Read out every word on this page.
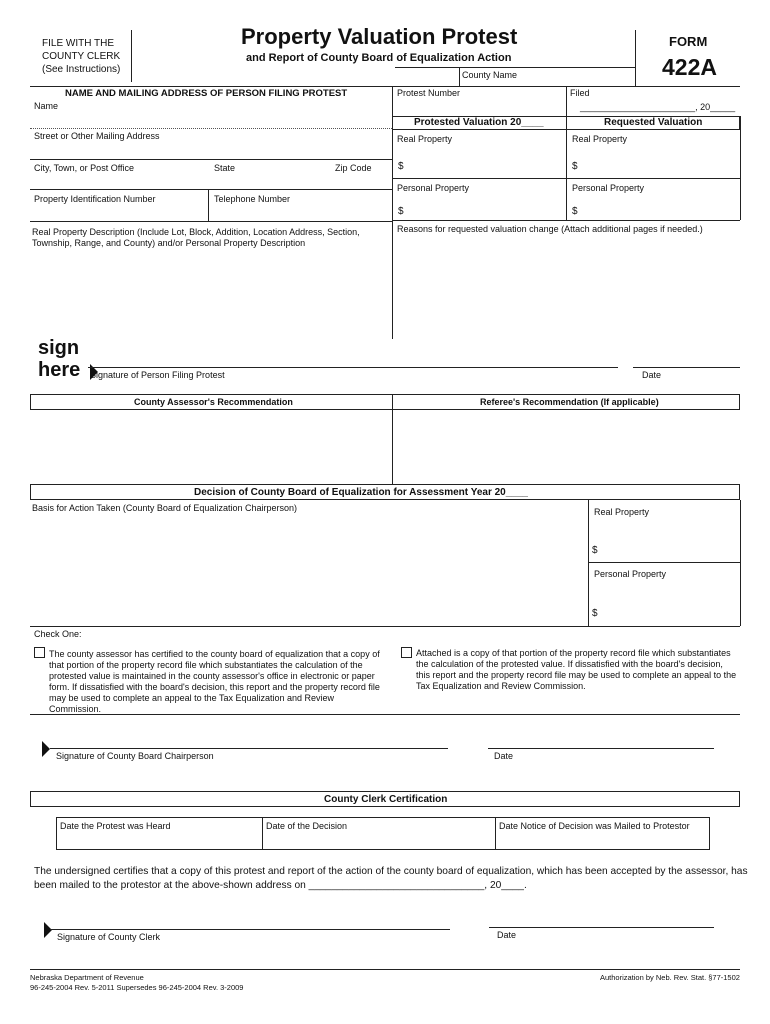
FILE WITH THE
COUNTY CLERK
(See Instructions)
Property Valuation Protest
and Report of County Board of Equalization Action
County Name
FORM
422A
NAME AND MAILING ADDRESS OF PERSON FILING PROTEST
Name
Street or Other Mailing Address
City, Town, or Post Office	State	Zip Code
Property Identification Number	Telephone Number
Real Property Description (Include Lot, Block, Addition, Location Address, Section, Township, Range, and County) and/or Personal Property Description
Protest Number	Filed
_______________________, 20_____
Protested Valuation 20____	Requested Valuation
Real Property	Real Property
$	$
Personal Property	Personal Property
$	$
Reasons for requested valuation change (Attach additional pages if needed.)
sign
here Signature of Person Filing Protest	Date
County Assessor's Recommendation	Referee's Recommendation (If applicable)
Decision of County Board of Equalization for Assessment Year 20____
Basis for Action Taken (County Board of Equalization Chairperson)	Real Property
$
Personal Property
$
Check One:
The county assessor has certified to the county board of equalization that a copy of that portion of the property record file which substantiates the calculation of the protested value is maintained in the county assessor's office in electronic or paper form. If dissatisfied with the board's decision, this report and the property record file may be used to complete an appeal to the Tax Equalization and Review Commission.
Attached is a copy of that portion of the property record file which substantiates the calculation of the protested value. If dissatisfied with the board's decision, this report and the property record file may be used to complete an appeal to the Tax Equalization and Review Commission.
Signature of County Board Chairperson	Date
County Clerk Certification
Date the Protest was Heard	Date of the Decision	Date Notice of Decision was Mailed to Protestor
The undersigned certifies that a copy of this protest and report of the action of the county board of equalization, which has been accepted by the assessor, has
been mailed to the protestor at the above-shown address on _______________________________, 20____.
Signature of County Clerk	Date
Nebraska Department of Revenue
96-245-2004 Rev. 5-2011 Supersedes 96-245-2004 Rev. 3-2009
Authorization by Neb. Rev. Stat. §77-1502
